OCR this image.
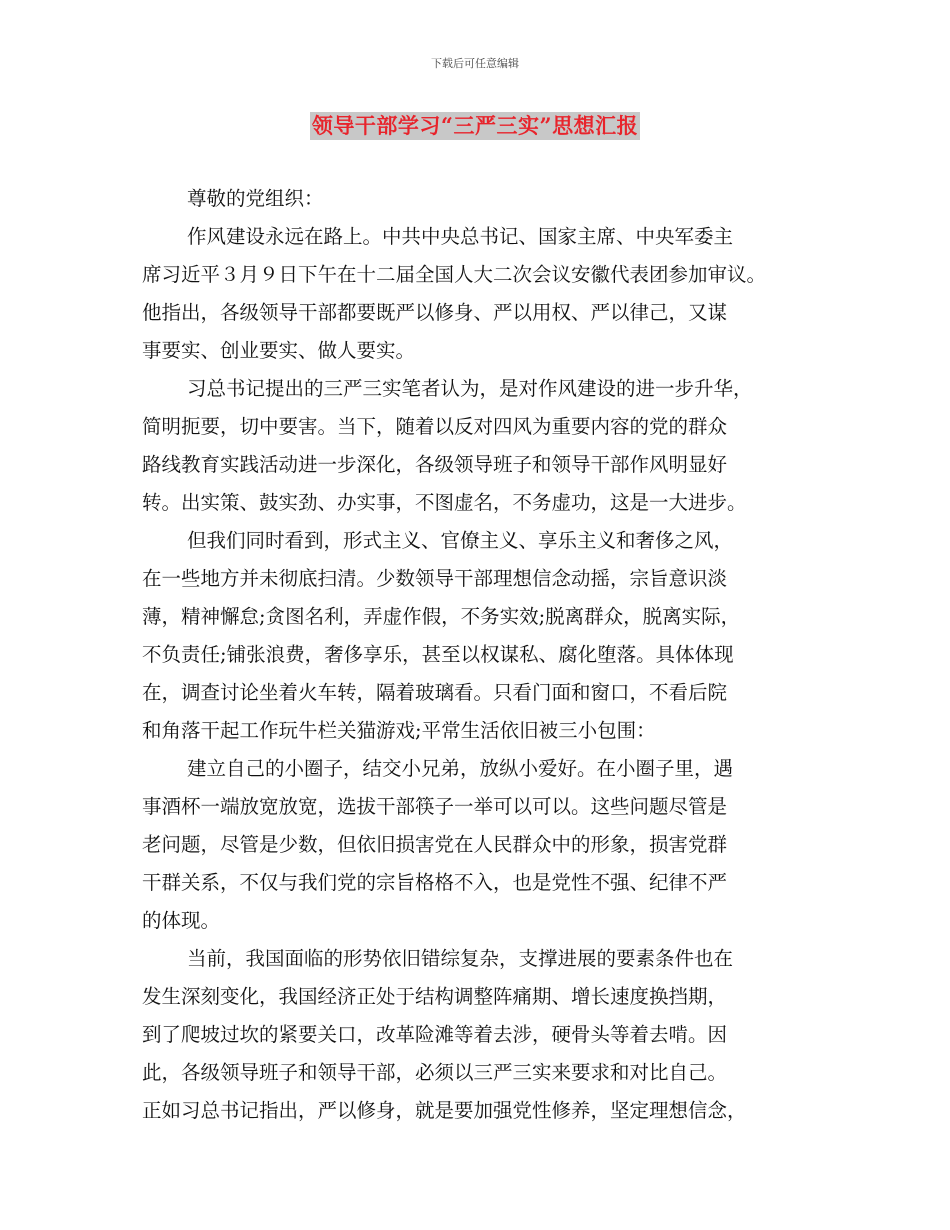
下载后可任意编辑
领导干部学习“三严三实”思想汇报
尊敬的党组织：
作风建设永远在路上。中共中央总书记、国家主席、中央军委主
席习近平３月９日下午在十二届全国人大二次会议安徽代表团参加审议。
他指出，各级领导干部都要既严以修身、严以用权、严以律己，又谋
事要实、创业要实、做人要实。
习总书记提出的三严三实笔者认为，是对作风建设的进一步升华，
简明扼要，切中要害。当下，随着以反对四风为重要内容的党的群众
路线教育实践活动进一步深化，各级领导班子和领导干部作风明显好
转。出实策、鼓实劲、办实事，不图虚名，不务虚功，这是一大进步。
但我们同时看到，形式主义、官僚主义、享乐主义和奢侈之风，
在一些地方并未彻底扫清。少数领导干部理想信念动摇，宗旨意识淡
薄，精神懈怠;贪图名利，弄虚作假，不务实效;脱离群众，脱离实际，
不负责任;铺张浪费，奢侈享乐，甚至以权谋私、腐化堕落。具体体现
在，调查讨论坐着火车转，隔着玻璃看。只看门面和窗口，不看后院
和角落干起工作玩牛栏关猫游戏;平常生活依旧被三小包围：
建立自己的小圈子，结交小兄弟，放纵小爱好。在小圈子里，遇
事酒杯一端放宽放宽，选拔干部筷子一举可以可以。这些问题尽管是
老问题，尽管是少数，但依旧损害党在人民群众中的形象，损害党群
干群关系，不仅与我们党的宗旨格格不入，也是党性不强、纪律不严
的体现。
当前，我国面临的形势依旧错综复杂，支撑进展的要素条件也在
发生深刻变化，我国经济正处于结构调整阵痛期、增长速度换挡期，
到了爬坡过坎的紧要关口，改革险滩等着去涉，硬骨头等着去啃。因
此，各级领导班子和领导干部，必须以三严三实来要求和对比自己。
正如习总书记指出，严以修身，就是要加强党性修养，坚定理想信念，
